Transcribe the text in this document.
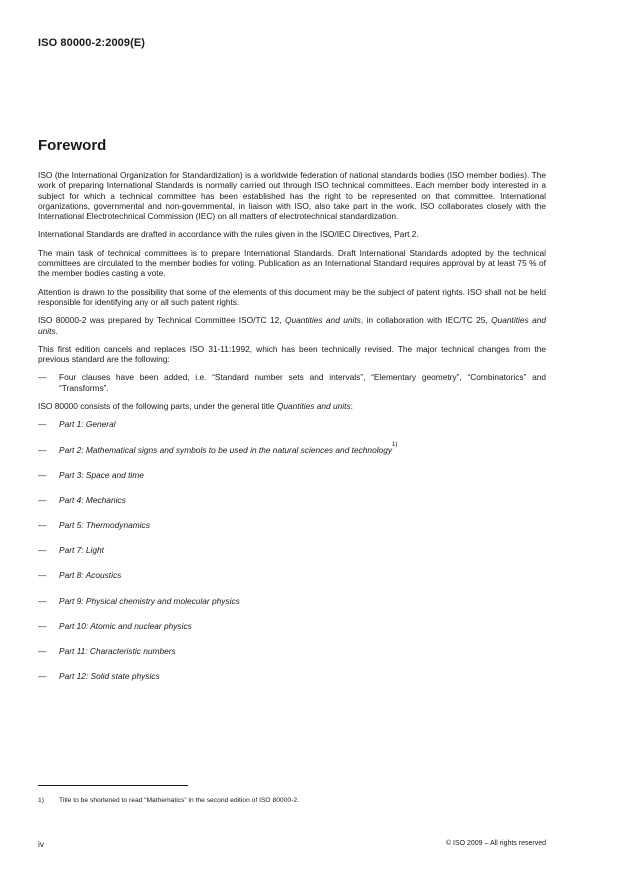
ISO 80000-2:2009(E)
Foreword

ISO (the International Organization for Standardization) is a worldwide federation of national standards bodies (ISO member bodies). The work of preparing International Standards is normally carried out through ISO technical committees. Each member body interested in a subject for which a technical committee has been established has the right to be represented on that committee. International organizations, governmental and non-governmental, in liaison with ISO, also take part in the work. ISO collaborates closely with the International Electrotechnical Commission (IEC) on all matters of electrotechnical standardization.

International Standards are drafted in accordance with the rules given in the ISO/IEC Directives, Part 2.

The main task of technical committees is to prepare International Standards. Draft International Standards adopted by the technical committees are circulated to the member bodies for voting. Publication as an International Standard requires approval by at least 75 % of the member bodies casting a vote.

Attention is drawn to the possibility that some of the elements of this document may be the subject of patent rights. ISO shall not be held responsible for identifying any or all such patent rights.

ISO 80000-2 was prepared by Technical Committee ISO/TC 12, Quantities and units, in collaboration with IEC/TC 25, Quantities and units.

This first edition cancels and replaces ISO 31-11:1992, which has been technically revised. The major technical changes from the previous standard are the following:

—	Four clauses have been added, i.e. “Standard number sets and intervals”, “Elementary geometry”, “Combinatorics” and “Transforms”.

ISO 80000 consists of the following parts, under the general title Quantities and units:

—	Part 1: General
—	Part 2: Mathematical signs and symbols to be used in the natural sciences and technology 1)
—	Part 3: Space and time
—	Part 4: Mechanics
—	Part 5: Thermodynamics
—	Part 7: Light
—	Part 8: Acoustics
—	Part 9: Physical chemistry and molecular physics
—	Part 10: Atomic and nuclear physics
—	Part 11: Characteristic numbers
—	Part 12: Solid state physics
1)	Title to be shortened to read “Mathematics” in the second edition of ISO 80000-2.
iv	© ISO 2009 – All rights reserved
